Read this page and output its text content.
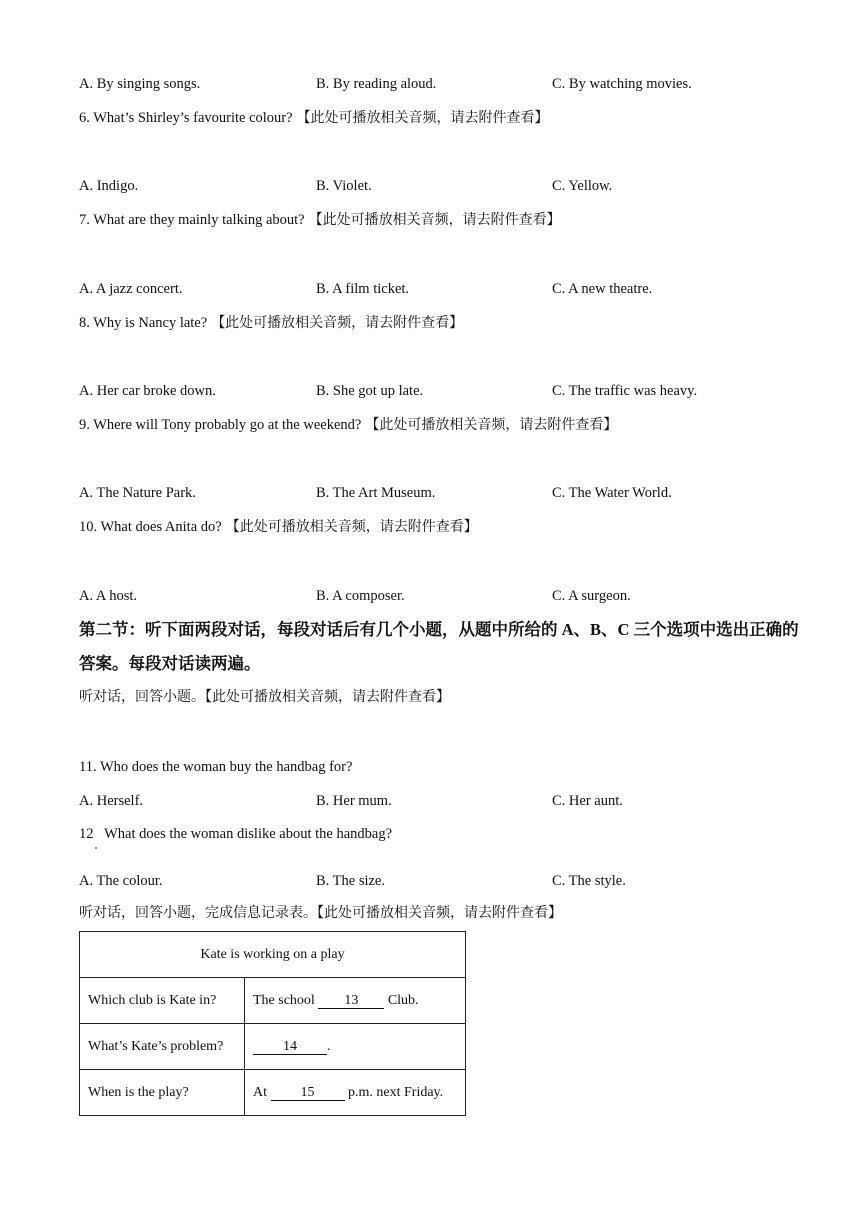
A. By singing songs.	B. By reading aloud.	C. By watching movies.
6. What’s Shirley’s favourite colour? 【此处可播放相关音频，请去附件查看】
A. Indigo.	B. Violet.	C. Yellow.
7. What are they mainly talking about? 【此处可播放相关音频，请去附件查看】
A. A jazz concert.	B. A film ticket.	C. A new theatre.
8. Why is Nancy late? 【此处可播放相关音频，请去附件查看】
A. Her car broke down.	B. She got up late.	C. The traffic was heavy.
9. Where will Tony probably go at the weekend? 【此处可播放相关音频，请去附件查看】
A. The Nature Park.	B. The Art Museum.	C. The Water World.
10. What does Anita do? 【此处可播放相关音频，请去附件查看】
A. A host.	B. A composer.	C. A surgeon.
第二节：听下面两段对话，每段对话后有几个小题，从题中所给的 A、B、C 三个选项中选出正确的答案。每段对话读两遍。
听对话，回答小题。【此处可播放相关音频，请去附件查看】
11. Who does the woman buy the handbag for?
A. Herself.	B. Her mum.	C. Her aunt.
12   What does the woman dislike about the handbag?
A. The colour.	B. The size.	C. The style.
听对话，回答小题，完成信息记录表。【此处可播放相关音频，请去附件查看】
Kate is working on a play	
Which club is Kate in?	The school 13 Club.
What’s Kate’s problem?	14 .
When is the play?	At 15 p.m. next Friday.
